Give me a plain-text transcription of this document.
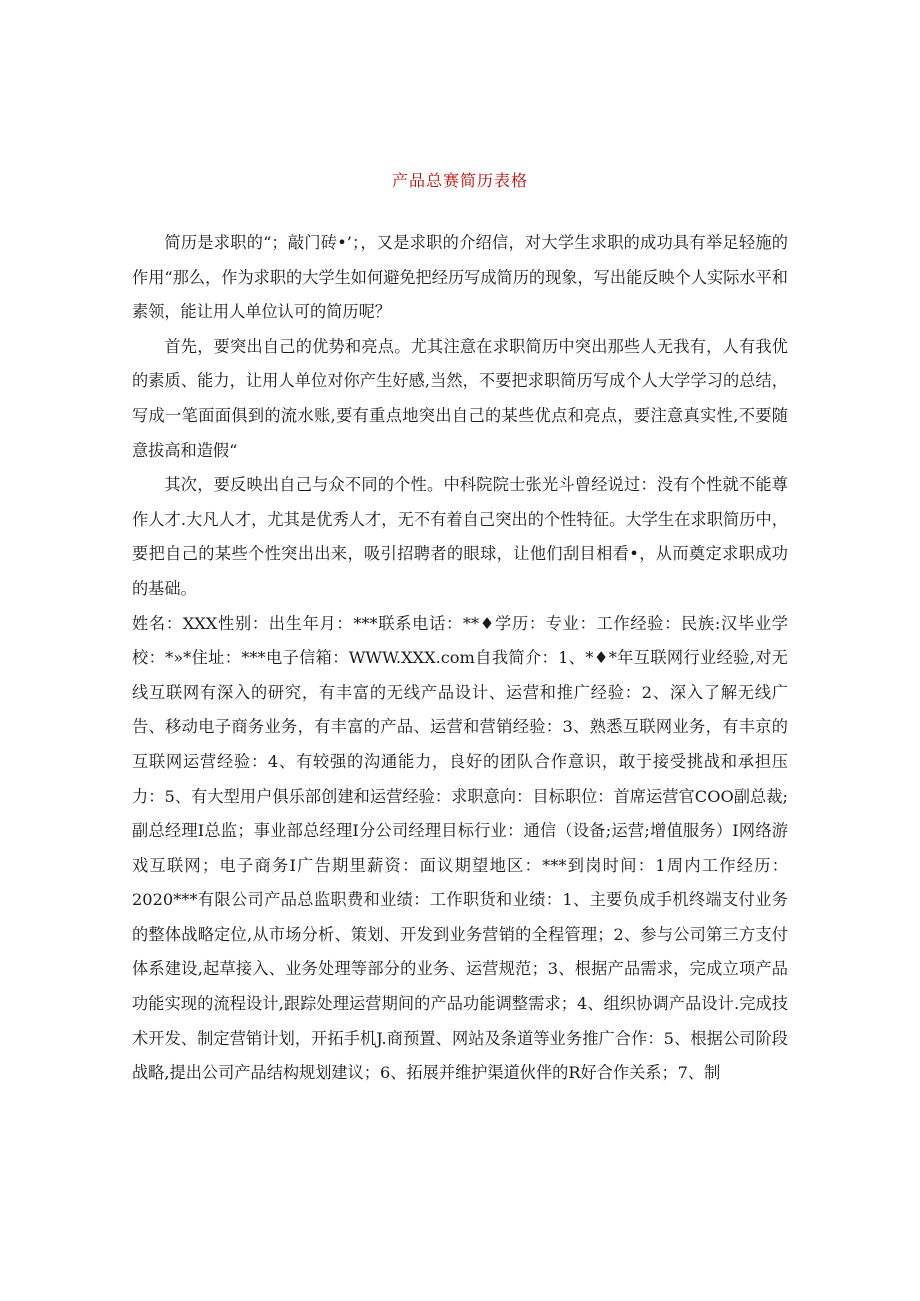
产品总赛简历表格

简历是求职的“；敲门砖•’；，又是求职的介绍信，对大学生求职的成功具有举足轻施的作用“那么，作为求职的大学生如何避免把经历写成简历的现象，写出能反映个人实际水平和素领，能让用人单位认可的简历呢？

首先，要突出自己的优势和亮点。尤其注意在求职简历中突出那些人无我有，人有我优的素质、能力，让用人单位对你产生好感,当然，不要把求职简历写成个人大学学习的总结，写成一笔面面俱到的流水账,要有重点地突出自己的某些优点和亮点，要注意真实性,不要随意拔高和造假“

其次，要反映出自己与众不同的个性。中科院院士张光斗曾经说过：没有个性就不能尊作人才.大凡人才，尤其是优秀人才，无不有着自己突出的个性特征。大学生在求职简历中，要把自己的某些个性突出出来，吸引招聘者的眼球，让他们刮目相看•，从而奠定求职成功的基础。

姓名：XXX性别：出生年月：***联系电话：**♦学历：专业：工作经验：民族:汉毕业学校：*»*住址：***电子信箱：WWW.XXX.com自我简介：1、*♦*年互联网行业经验,对无线互联网有深入的研究，有丰富的无线产品设计、运营和推广经验：2、深入了解无线广告、移动电子商务业务，有丰富的产品、运营和营销经验：3、熟悉互联网业务，有丰京的互联网运营经验：4、有较强的沟通能力，良好的团队合作意识，敢于接受挑战和承担压力：5、有大型用户俱乐部创建和运营经验：求职意向：目标职位：首席运营官COO副总裁;副总经理I总监；事业部总经理I分公司经理目标行业：通信（设备;运营;增值服务）I网络游戏互联网；电子商务I广告期里薪资：面议期望地区：***到岗时间：1周内工作经历：2020***有限公司产品总监职费和业绩：工作职货和业绩：1、主要负成手机终端支付业务的整体战略定位,从市场分析、策划、开发到业务营销的全程管理；2、参与公司第三方支付体系建设,起草接入、业务处理等部分的业务、运营规范；3、根据产品需求，完成立项产品功能实现的流程设计,跟踪处理运营期间的产品功能调整需求；4、组织协调产品设计.完成技术开发、制定营销计划，开拓手机J.商预置、网站及条道等业务推广合作：5、根据公司阶段战略,提出公司产品结构规划建议；6、拓展并维护渠道伙伴的R好合作关系；7、制
